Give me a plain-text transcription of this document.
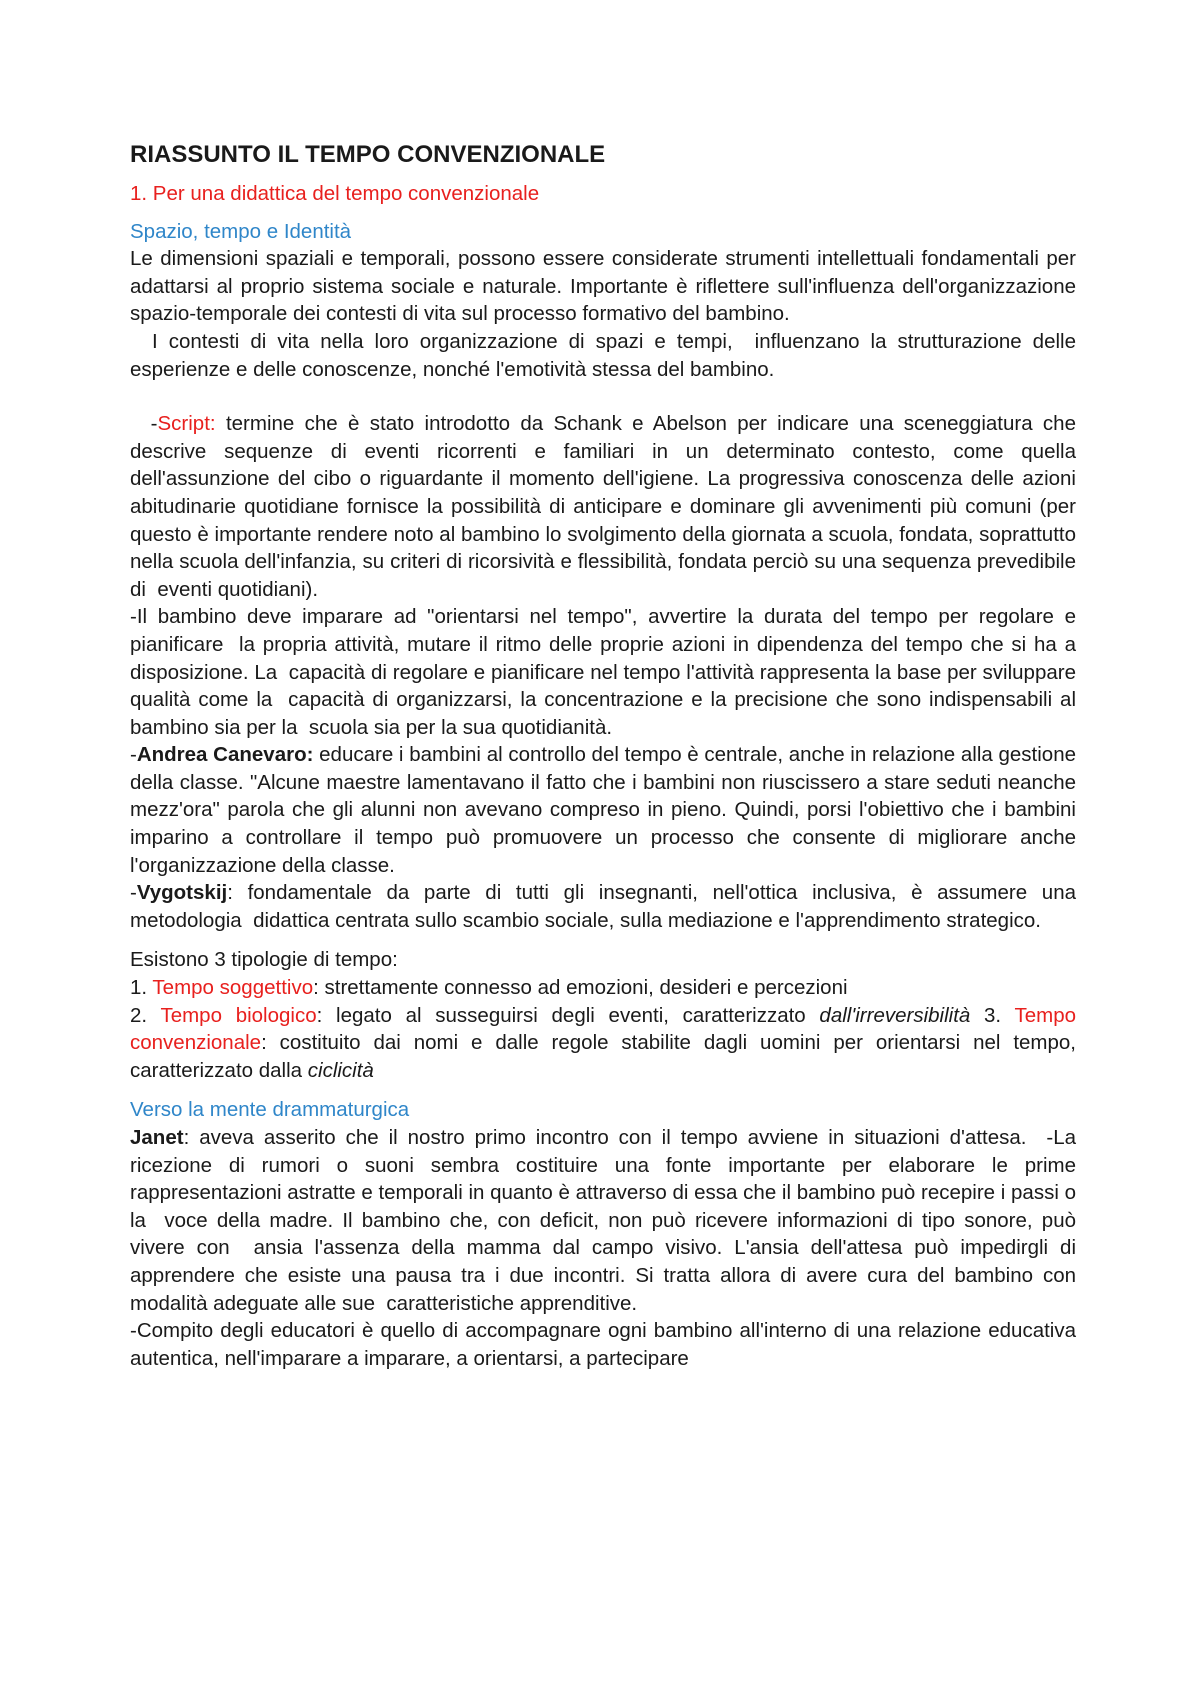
RIASSUNTO IL TEMPO CONVENZIONALE
1. Per una didattica del tempo convenzionale
Spazio, tempo e Identità

Le dimensioni spaziali e temporali, possono essere considerate strumenti intellettuali fondamentali per  adattarsi al proprio sistema sociale e naturale. Importante è riflettere sull'influenza dell'organizzazione  spazio-temporale dei contesti di vita sul processo formativo del bambino.

I contesti di vita nella loro organizzazione di spazi e tempi,  influenzano la strutturazione delle esperienze e delle conoscenze, nonché l'emotività stessa del bambino.

-Script: termine che è stato introdotto da Schank e Abelson per indicare una sceneggiatura che descrive sequenze di eventi ricorrenti e familiari in un determinato contesto, come quella dell'assunzione del cibo o riguardante il momento dell'igiene. La progressiva conoscenza delle azioni  abitudinarie quotidiane fornisce la possibilità di anticipare e dominare gli avvenimenti più comuni (per questo è importante rendere noto al bambino lo svolgimento della giornata a scuola, fondata, soprattutto  nella scuola dell'infanzia, su criteri di ricorsività e flessibilità, fondata perciò su una sequenza prevedibile di  eventi quotidiani).

-Il bambino deve imparare ad "orientarsi nel tempo", avvertire la durata del tempo per regolare e pianificare  la propria attività, mutare il ritmo delle proprie azioni in dipendenza del tempo che si ha a disposizione. La  capacità di regolare e pianificare nel tempo l'attività rappresenta la base per sviluppare qualità come la  capacità di organizzarsi, la concentrazione e la precisione che sono indispensabili al bambino sia per la  scuola sia per la sua quotidianità.

-Andrea Canevaro: educare i bambini al controllo del tempo è centrale, anche in relazione alla gestione  della classe. "Alcune maestre lamentavano il fatto che i bambini non riuscissero a stare seduti neanche  mezz'ora" parola che gli alunni non avevano compreso in pieno. Quindi, porsi l'obiettivo che i bambini  imparino a controllare il tempo può promuovere un processo che consente di migliorare anche  l'organizzazione della classe.

-Vygotskij: fondamentale da parte di tutti gli insegnanti, nell'ottica inclusiva, è assumere una metodologia  didattica centrata sullo scambio sociale, sulla mediazione e l'apprendimento strategico.

Esistono 3 tipologie di tempo:

1. Tempo soggettivo: strettamente connesso ad emozioni, desideri e percezioni

2. Tempo biologico: legato al susseguirsi degli eventi, caratterizzato dall'irreversibilità 3. Tempo convenzionale: costituito dai nomi e dalle regole stabilite dagli uomini per orientarsi nel tempo,  caratterizzato dalla ciclicità

Verso la mente drammaturgica

Janet: aveva asserito che il nostro primo incontro con il tempo avviene in situazioni d'attesa.  -La ricezione di rumori o suoni sembra costituire una fonte importante per elaborare le prime  rappresentazioni astratte e temporali in quanto è attraverso di essa che il bambino può recepire i passi o la  voce della madre. Il bambino che, con deficit, non può ricevere informazioni di tipo sonore, può vivere con  ansia l'assenza della mamma dal campo visivo. L'ansia dell'attesa può impedirgli di apprendere che esiste una pausa tra i due incontri. Si tratta allora di avere cura del bambino con modalità adeguate alle sue  caratteristiche apprenditive.

-Compito degli educatori è quello di accompagnare ogni bambino all'interno di una relazione educativa  autentica, nell'imparare a imparare, a orientarsi, a partecipare
